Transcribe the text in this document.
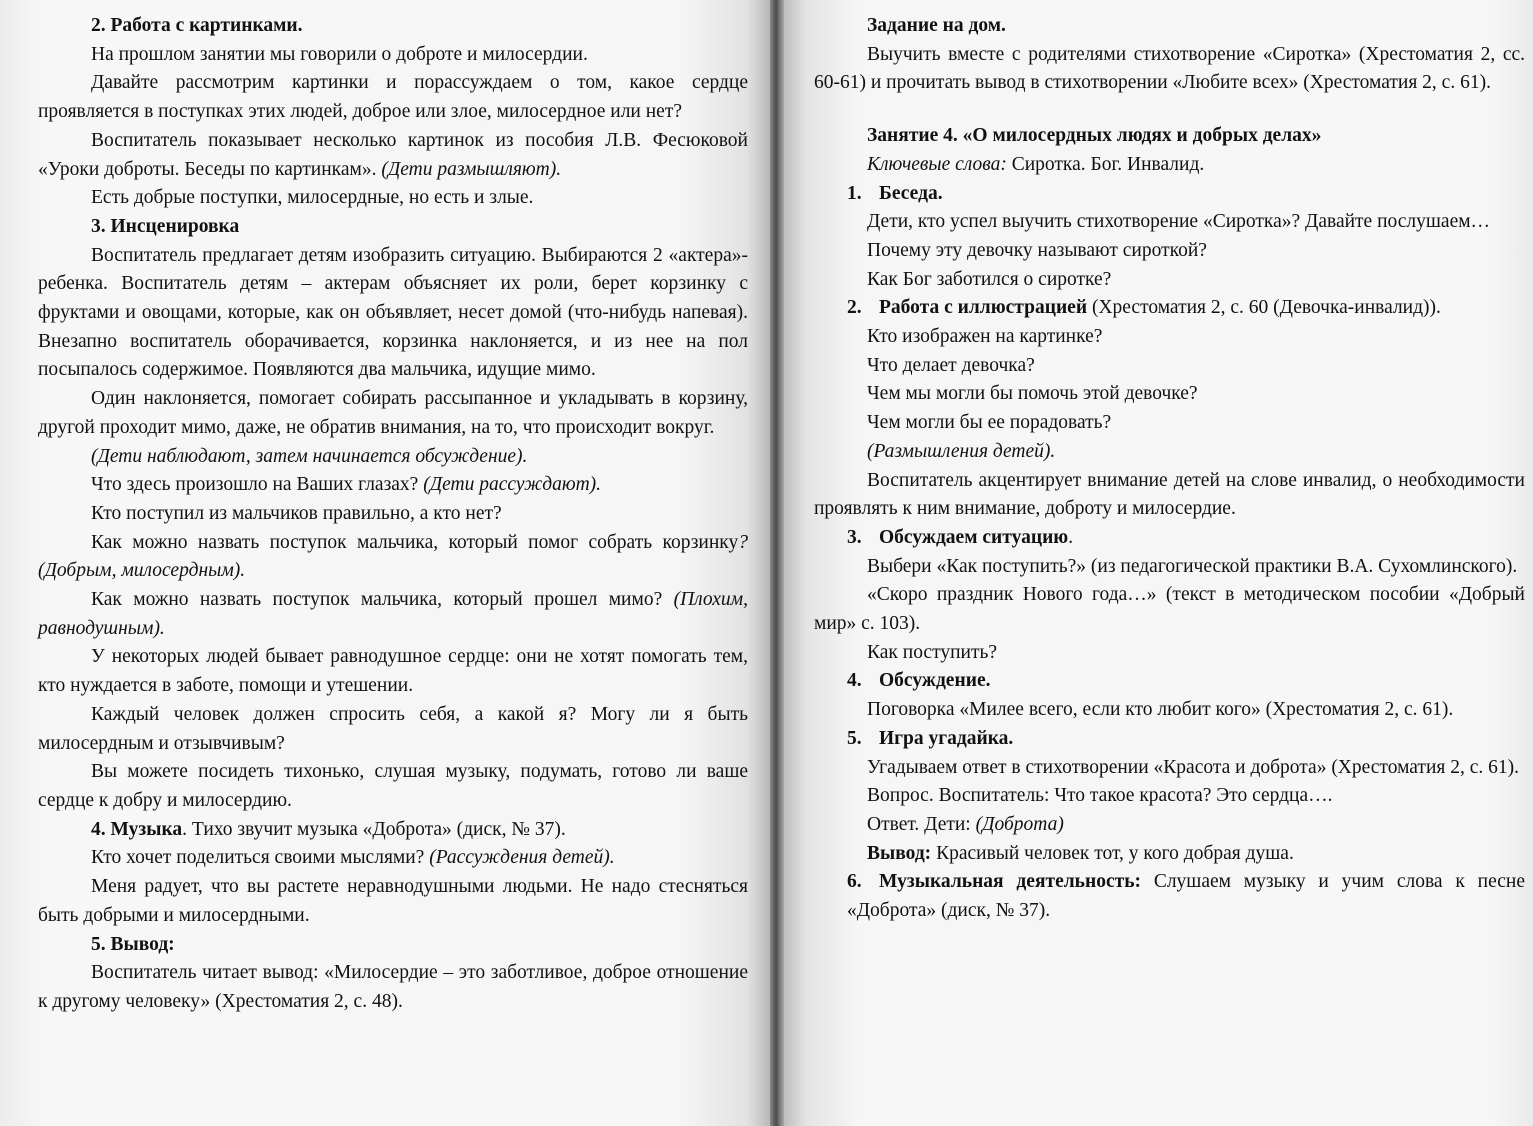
2. Работа с картинками.

На прошлом занятии мы говорили о доброте и милосердии.

Давайте рассмотрим картинки и порассуждаем о том, какое сердце проявляется в поступках этих людей, доброе или злое, милосердное или нет?

Воспитатель показывает несколько картинок из пособия Л.В. Фесюковой «Уроки доброты. Беседы по картинкам». (Дети размышляют).

Есть добрые поступки, милосердные, но есть и злые.

3. Инсценировка

Воспитатель предлагает детям изобразить ситуацию. Выбираются 2 «актера»-ребенка. Воспитатель детям – актерам объясняет их роли, берет корзинку с фруктами и овощами, которые, как он объявляет, несет домой (что-нибудь напевая). Внезапно воспитатель оборачивается, корзинка наклоняется, и из нее на пол посыпалось содержимое. Появляются два мальчика, идущие мимо.

Один наклоняется, помогает собирать рассыпанное и укладывать в корзину, другой проходит мимо, даже, не обратив внимания, на то, что происходит вокруг.

(Дети наблюдают, затем начинается обсуждение).

Что здесь произошло на Ваших глазах? (Дети рассуждают).

Кто поступил из мальчиков правильно, а кто нет?

Как можно назвать поступок мальчика, который помог собрать корзинку? (Добрым, милосердным).

Как можно назвать поступок мальчика, который прошел мимо? (Плохим, равнодушным).

У некоторых людей бывает равнодушное сердце: они не хотят помогать тем, кто нуждается в заботе, помощи и утешении.

Каждый человек должен спросить себя, а какой я? Могу ли я быть милосердным и отзывчивым?

Вы можете посидеть тихонько, слушая музыку, подумать, готово ли ваше сердце к добру и милосердию.

4. Музыка. Тихо звучит музыка «Доброта» (диск, № 37).

Кто хочет поделиться своими мыслями? (Рассуждения детей).

Меня радует, что вы растете неравнодушными людьми. Не надо стесняться быть добрыми и милосердными.

5. Вывод:

Воспитатель читает вывод: «Милосердие – это заботливое, доброе отношение к другому человеку» (Хрестоматия 2, с. 48).

Задание на дом.

Выучить вместе с родителями стихотворение «Сиротка» (Хрестоматия 2, сс. 60-61) и прочитать вывод в стихотворении «Любите всех» (Хрестоматия 2, с. 61).

Занятие 4. «О милосердных людях и добрых делах»

Ключевые слова: Сиротка. Бог. Инвалид.

1. Беседа.

Дети, кто успел выучить стихотворение «Сиротка»? Давайте послушаем…

Почему эту девочку называют сироткой?

Как Бог заботился о сиротке?

2. Работа с иллюстрацией (Хрестоматия 2, с. 60 (Девочка-инвалид)).

Кто изображен на картинке?

Что делает девочка?

Чем мы могли бы помочь этой девочке?

Чем могли бы ее порадовать?

(Размышления детей).

Воспитатель акцентирует внимание детей на слове инвалид, о необходимости проявлять к ним внимание, доброту и милосердие.

3. Обсуждаем ситуацию.

Выбери «Как поступить?» (из педагогической практики В.А. Сухомлинского).

«Скоро праздник Нового года…» (текст в методическом пособии «Добрый мир» с. 103).

Как поступить?

4. Обсуждение.

Поговорка «Милее всего, если кто любит кого» (Хрестоматия 2, с. 61).

5. Игра угадайка.

Угадываем ответ в стихотворении «Красота и доброта» (Хрестоматия 2, с. 61).

Вопрос. Воспитатель: Что такое красота? Это сердца….

Ответ. Дети: (Доброта)

Вывод: Красивый человек тот, у кого добрая душа.

6. Музыкальная деятельность: Слушаем музыку и учим слова к песне «Доброта» (диск, № 37).
